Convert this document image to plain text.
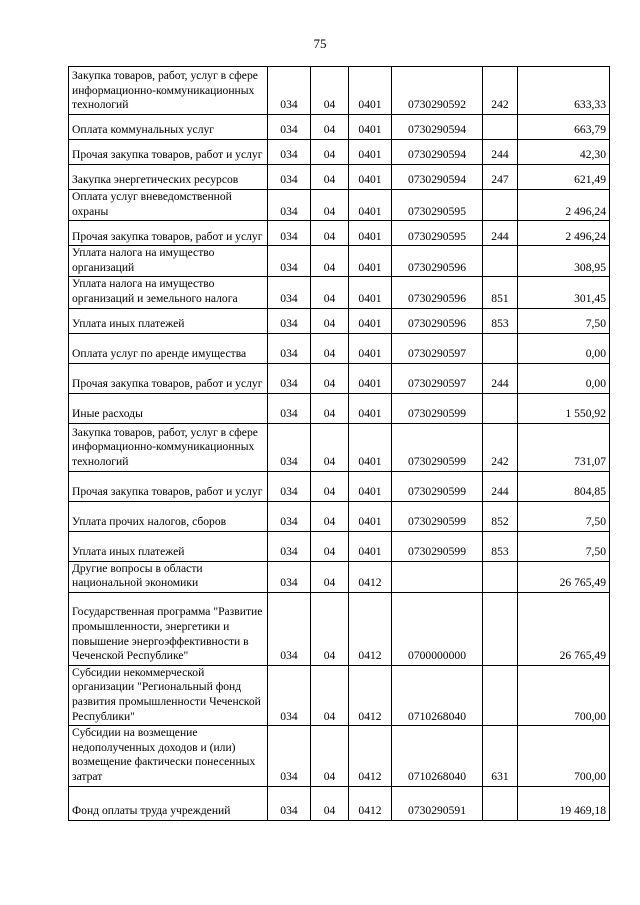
75
Закупка товаров, работ, услуг в сфере информационно-коммуникационных технологий	034	04	0401	0730290592	242	633,33
Оплата коммунальных услуг	034	04	0401	0730290594		663,79
Прочая закупка товаров, работ и услуг	034	04	0401	0730290594	244	42,30
Закупка энергетических ресурсов	034	04	0401	0730290594	247	621,49
Оплата услуг вневедомственной охраны	034	04	0401	0730290595		2 496,24
Прочая закупка товаров, работ и услуг	034	04	0401	0730290595	244	2 496,24
Уплата налога на имущество организаций	034	04	0401	0730290596		308,95
Уплата налога на имущество организаций и земельного налога	034	04	0401	0730290596	851	301,45
Уплата иных платежей	034	04	0401	0730290596	853	7,50
Оплата услуг по аренде имущества	034	04	0401	0730290597		0,00
Прочая закупка товаров, работ и услуг	034	04	0401	0730290597	244	0,00
Иные расходы	034	04	0401	0730290599		1 550,92
Закупка товаров, работ, услуг в сфере информационно-коммуникационных технологий	034	04	0401	0730290599	242	731,07
Прочая закупка товаров, работ и услуг	034	04	0401	0730290599	244	804,85
Уплата прочих налогов, сборов	034	04	0401	0730290599	852	7,50
Уплата иных платежей	034	04	0401	0730290599	853	7,50
Другие вопросы в области национальной экономики	034	04	0412			26 765,49
Государственная программа "Развитие промышленности, энергетики и повышение энергоэффективности в Чеченской Республике"	034	04	0412	0700000000		26 765,49
Субсидии некоммерческой организации "Региональный фонд развития промышленности Чеченской Республики"	034	04	0412	0710268040		700,00
Субсидии на возмещение недополученных доходов и (или) возмещение фактически понесенных затрат	034	04	0412	0710268040	631	700,00
Фонд оплаты труда учреждений	034	04	0412	0730290591		19 469,18
